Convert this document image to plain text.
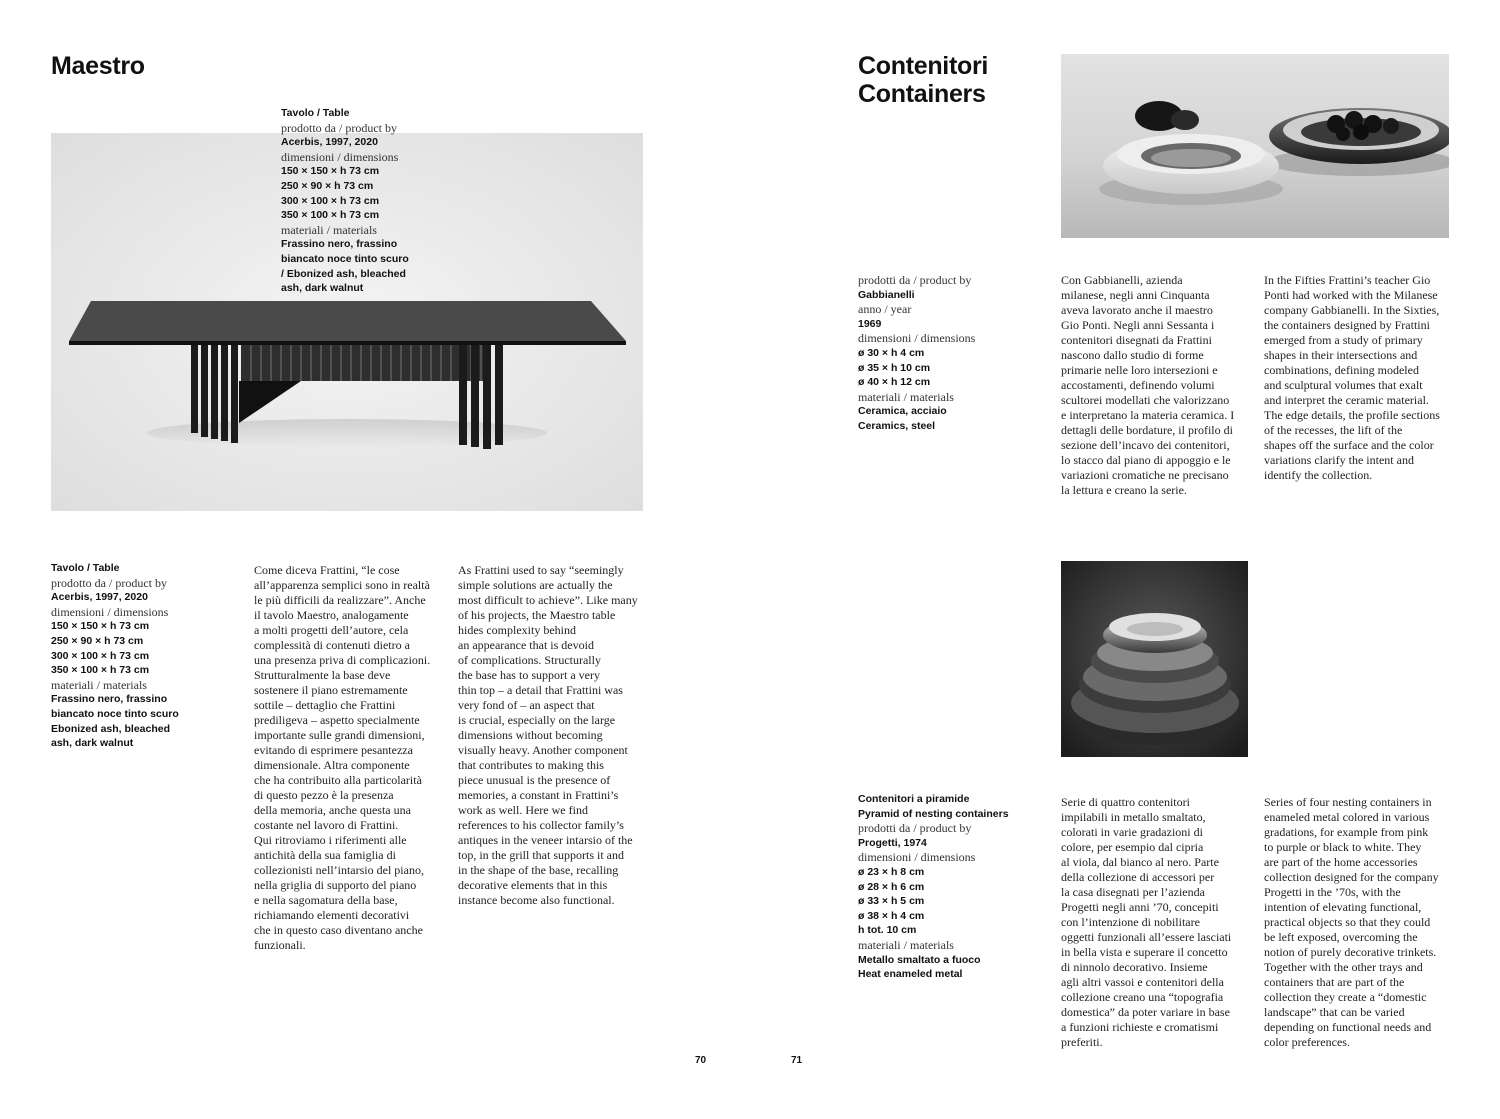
Maestro
Tavolo / Table
prodotto da / product by
Acerbis, 1997, 2020
dimensioni / dimensions
150 × 150 × h 73 cm
250 × 90 × h 73 cm
300 × 100 × h 73 cm
350 × 100 × h 73 cm
materiali / materials
Frassino nero, frassino
biancato noce tinto scuro
/ Ebonized ash, bleached
ash, dark walnut
Tavolo / Table
prodotto da / product by
Acerbis, 1997, 2020
dimensioni / dimensions
150 × 150 × h 73 cm
250 × 90 × h 73 cm
300 × 100 × h 73 cm
350 × 100 × h 73 cm
materiali / materials
Frassino nero, frassino
biancato noce tinto scuro
Ebonized ash, bleached
ash, dark walnut
Come diceva Frattini, “le cose
all’apparenza semplici sono in realtà
le più difficili da realizzare”. Anche
il tavolo Maestro, analogamente
a molti progetti dell’autore, cela
complessità di contenuti dietro a
una presenza priva di complicazioni.
Strutturalmente la base deve
sostenere il piano estremamente
sottile – dettaglio che Frattini
prediligeva – aspetto specialmente
importante sulle grandi dimensioni,
evitando di esprimere pesantezza
dimensionale. Altra componente
che ha contribuito alla particolarità
di questo pezzo è la presenza
della memoria, anche questa una
costante nel lavoro di Frattini.
Qui ritroviamo i riferimenti alle
antichità della sua famiglia di
collezionisti nell’intarsio del piano,
nella griglia di supporto del piano
e nella sagomatura della base,
richiamando elementi decorativi
che in questo caso diventano anche
funzionali.
As Frattini used to say “seemingly
simple solutions are actually the
most difficult to achieve”. Like many
of his projects, the Maestro table
hides complexity behind
an appearance that is devoid
of complications. Structurally
the base has to support a very
thin top – a detail that Frattini was
very fond of – an aspect that
is crucial, especially on the large
dimensions without becoming
visually heavy. Another component
that contributes to making this
piece unusual is the presence of
memories, a constant in Frattini’s
work as well. Here we find
references to his collector family’s
antiques in the veneer intarsio of the
top, in the grill that supports it and
in the shape of the base, recalling
decorative elements that in this
instance become also functional.
70
Contenitori
Containers
prodotti da / product by
Gabbianelli
anno / year
1969
dimensioni / dimensions
ø 30 × h 4 cm
ø 35 × h 10 cm
ø 40 × h 12 cm
materiali / materials
Ceramica, acciaio
Ceramics, steel
Con Gabbianelli, azienda
milanese, negli anni Cinquanta
aveva lavorato anche il maestro
Gio Ponti. Negli anni Sessanta i
contenitori disegnati da Frattini
nascono dallo studio di forme
primarie nelle loro intersezioni e
accostamenti, definendo volumi
scultorei modellati che valorizzano
e interpretano la materia ceramica. I
dettagli delle bordature, il profilo di
sezione dell’incavo dei contenitori,
lo stacco dal piano di appoggio e le
variazioni cromatiche ne precisano
la lettura e creano la serie.
In the Fifties Frattini’s teacher Gio
Ponti had worked with the Milanese
company Gabbianelli. In the Sixties,
the containers designed by Frattini
emerged from a study of primary
shapes in their intersections and
combinations, defining modeled
and sculptural volumes that exalt
and interpret the ceramic material.
The edge details, the profile sections
of the recesses, the lift of the
shapes off the surface and the color
variations clarify the intent and
identify the collection.
Contenitori a piramide
Pyramid of nesting containers
prodotti da / product by
Progetti, 1974
dimensioni / dimensions
ø 23 × h 8 cm
ø 28 × h 6 cm
ø 33 × h 5 cm
ø 38 × h 4 cm
h tot. 10 cm
materiali / materials
Metallo smaltato a fuoco
Heat enameled metal
Serie di quattro contenitori
impilabili in metallo smaltato,
colorati in varie gradazioni di
colore, per esempio dal cipria
al viola, dal bianco al nero. Parte
della collezione di accessori per
la casa disegnati per l’azienda
Progetti negli anni ’70, concepiti
con l’intenzione di nobilitare
oggetti funzionali all’essere lasciati
in bella vista e superare il concetto
di ninnolo decorativo. Insieme
agli altri vassoi e contenitori della
collezione creano una “topografia
domestica” da poter variare in base
a funzioni richieste e cromatismi
preferiti.
Series of four nesting containers in
enameled metal colored in various
gradations, for example from pink
to purple or black to white. They
are part of the home accessories
collection designed for the company
Progetti in the ’70s, with the
intention of elevating functional,
practical objects so that they could
be left exposed, overcoming the
notion of purely decorative trinkets.
Together with the other trays and
containers that are part of the
collection they create a “domestic
landscape” that can be varied
depending on functional needs and
color preferences.
71
